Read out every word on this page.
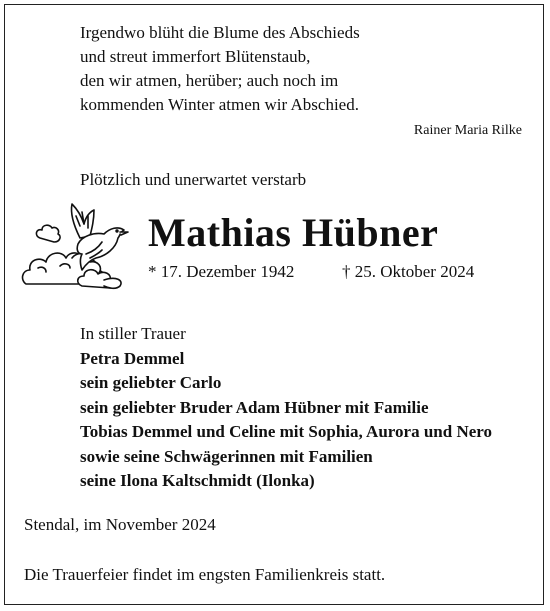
Irgendwo blüht die Blume des Abschieds
und streut immerfort Blütenstaub,
den wir atmen, herüber; auch noch im
kommenden Winter atmen wir Abschied.
Rainer Maria Rilke
Plötzlich und unerwartet verstarb
Mathias Hübner
* 17. Dezember 1942	† 25. Oktober 2024
In stiller Trauer
Petra Demmel
sein geliebter Carlo
sein geliebter Bruder Adam Hübner mit Familie
Tobias Demmel und Celine mit Sophia, Aurora und Nero
sowie seine Schwägerinnen mit Familien
seine Ilona Kaltschmidt (Ilonka)
Stendal, im November 2024
Die Trauerfeier findet im engsten Familienkreis statt.
